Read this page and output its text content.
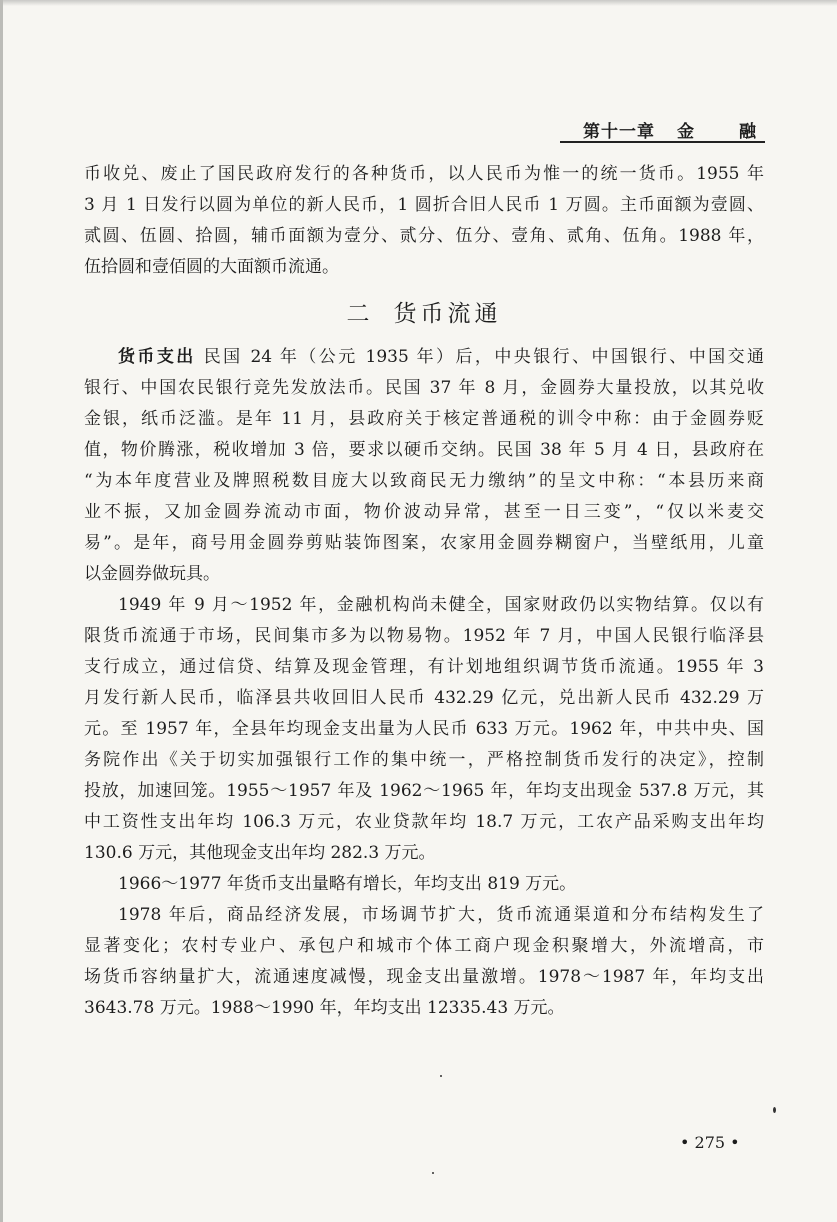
第十一章 金	融
币收兑、废止了国民政府发行的各种货币，以人民币为惟一的统一货币。1955 年
3 月 1 日发行以圆为单位的新人民币，1 圆折合旧人民币 1 万圆。主币面额为壹圆、
贰圆、伍圆、拾圆，辅币面额为壹分、贰分、伍分、壹角、贰角、伍角。1988 年，
伍拾圆和壹佰圆的大面额币流通。
二 货币流通
货币支出 民国 24 年（公元 1935 年）后，中央银行、中国银行、中国交通
银行、中国农民银行竞先发放法币。民国 37 年 8 月，金圆券大量投放，以其兑收
金银，纸币泛滥。是年 11 月，县政府关于核定普通税的训令中称：由于金圆券贬
值，物价腾涨，税收增加 3 倍，要求以硬币交纳。民国 38 年 5 月 4 日，县政府在
“为本年度营业及牌照税数目庞大以致商民无力缴纳”的呈文中称：“本县历来商
业不振，又加金圆券流动市面，物价波动异常，甚至一日三变”，“仅以米麦交
易”。是年，商号用金圆券剪贴装饰图案，农家用金圆券糊窗户，当壁纸用，儿童
以金圆券做玩具。
1949 年 9 月～1952 年，金融机构尚未健全，国家财政仍以实物结算。仅以有
限货币流通于市场，民间集市多为以物易物。1952 年 7 月，中国人民银行临泽县
支行成立，通过信贷、结算及现金管理，有计划地组织调节货币流通。1955 年 3
月发行新人民币，临泽县共收回旧人民币 432.29 亿元，兑出新人民币 432.29 万
元。至 1957 年，全县年均现金支出量为人民币 633 万元。1962 年，中共中央、国
务院作出《关于切实加强银行工作的集中统一，严格控制货币发行的决定》，控制
投放，加速回笼。1955～1957 年及 1962～1965 年，年均支出现金 537.8 万元，其
中工资性支出年均 106.3 万元，农业贷款年均 18.7 万元，工农产品采购支出年均
130.6 万元，其他现金支出年均 282.3 万元。
1966～1977 年货币支出量略有增长，年均支出 819 万元。
1978 年后，商品经济发展，市场调节扩大，货币流通渠道和分布结构发生了
显著变化；农村专业户、承包户和城市个体工商户现金积聚增大，外流增高，市
场货币容纳量扩大，流通速度减慢，现金支出量激增。1978～1987 年，年均支出
3643.78 万元。1988～1990 年，年均支出 12335.43 万元。
• 275 •
